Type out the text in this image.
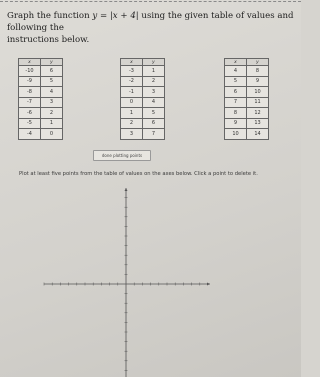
Graph the function y = |x + 4| using the given table of values and following the
instructions below.
x	y
-10	6
-9	5
-8	4
-7	3
-6	2
-5	1
-4	0
x	y
-3	1
-2	2
-1	3
0	4
1	5
2	6
3	7
x	y
4	8
5	9
6	10
7	11
8	12
9	13
10	14
done plotting points
Plot at least five points from the table of values on the axes below. Click a point to delete it.
